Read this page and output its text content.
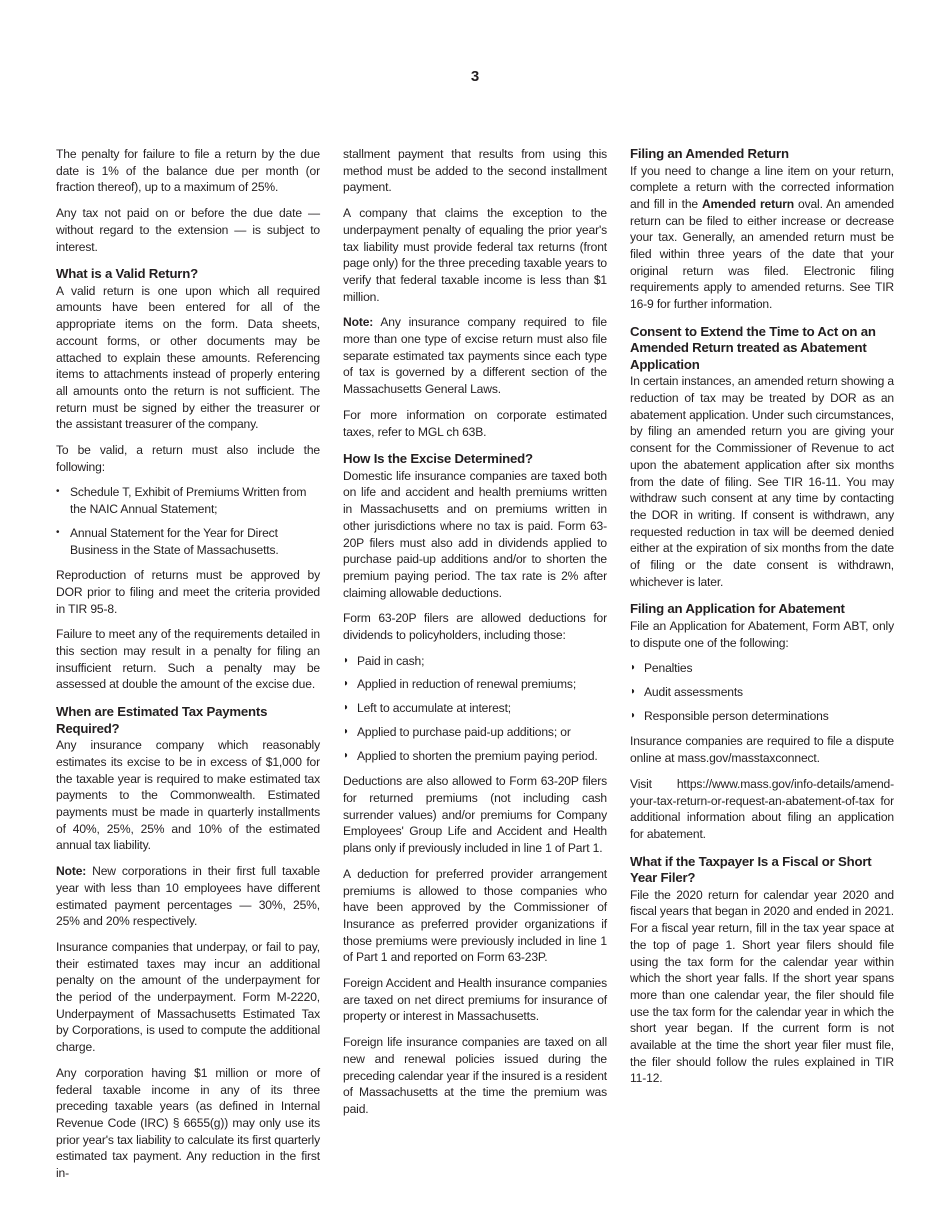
3

The penalty for failure to file a return by the due date is 1% of the balance due per month (or fraction thereof), up to a maximum of 25%.

Any tax not paid on or before the due date — without regard to the extension — is subject to interest.

What is a Valid Return?

A valid return is one upon which all required amounts have been entered for all of the appropriate items on the form. Data sheets, account forms, or other documents may be attached to explain these amounts. Referencing items to attachments instead of properly entering all amounts onto the return is not sufficient. The return must be signed by either the treasurer or the assistant treasurer of the company.

To be valid, a return must also include the following:

• Schedule T, Exhibit of Premiums Written from the NAIC Annual Statement;
• Annual Statement for the Year for Direct Business in the State of Massachusetts.

Reproduction of returns must be approved by DOR prior to filing and meet the criteria provided in TIR 95-8.

Failure to meet any of the requirements detailed in this section may result in a penalty for filing an insufficient return. Such a penalty may be assessed at double the amount of the excise due.

When are Estimated Tax Payments Required?

Any insurance company which reasonably estimates its excise to be in excess of $1,000 for the taxable year is required to make estimated tax payments to the Commonwealth. Estimated payments must be made in quarterly installments of 40%, 25%, 25% and 10% of the estimated annual tax liability.

Note: New corporations in their first full taxable year with less than 10 employees have different estimated payment percentages — 30%, 25%, 25% and 20% respectively.

Insurance companies that underpay, or fail to pay, their estimated taxes may incur an additional penalty on the amount of the underpayment for the period of the underpayment. Form M-2220, Underpayment of Massachusetts Estimated Tax by Corporations, is used to compute the additional charge.

Any corporation having $1 million or more of federal taxable income in any of its three preceding taxable years (as defined in Internal Revenue Code (IRC) § 6655(g)) may only use its prior year's tax liability to calculate its first quarterly estimated tax payment. Any reduction in the first in-

stallment payment that results from using this method must be added to the second installment payment.

A company that claims the exception to the underpayment penalty of equaling the prior year's tax liability must provide federal tax returns (front page only) for the three preceding taxable years to verify that federal taxable income is less than $1 million.

Note: Any insurance company required to file more than one type of excise return must also file separate estimated tax payments since each type of tax is governed by a different section of the Massachusetts General Laws.

For more information on corporate estimated taxes, refer to MGL ch 63B.

How Is the Excise Determined?

Domestic life insurance companies are taxed both on life and accident and health premiums written in Massachusetts and on premiums written in other jurisdictions where no tax is paid. Form 63-20P filers must also add in dividends applied to purchase paid-up additions and/or to shorten the premium paying period. The tax rate is 2% after claiming allowable deductions.

Form 63-20P filers are allowed deductions for dividends to policyholders, including those:

◗ Paid in cash;
◗ Applied in reduction of renewal premiums;
◗ Left to accumulate at interest;
◗ Applied to purchase paid-up additions; or
◗ Applied to shorten the premium paying period.

Deductions are also allowed to Form 63-20P filers for returned premiums (not including cash surrender values) and/or premiums for Company Employees' Group Life and Accident and Health plans only if previously included in line 1 of Part 1.

A deduction for preferred provider arrangement premiums is allowed to those companies who have been approved by the Commissioner of Insurance as preferred provider organizations if those premiums were previously included in line 1 of Part 1 and reported on Form 63-23P.

Foreign Accident and Health insurance companies are taxed on net direct premiums for insurance of property or interest in Massachusetts.

Foreign life insurance companies are taxed on all new and renewal policies issued during the preceding calendar year if the insured is a resident of Massachusetts at the time the premium was paid.

Filing an Amended Return

If you need to change a line item on your return, complete a return with the corrected information and fill in the Amended return oval. An amended return can be filed to either increase or decrease your tax. Generally, an amended return must be filed within three years of the date that your original return was filed. Electronic filing requirements apply to amended returns. See TIR 16-9 for further information.

Consent to Extend the Time to Act on an Amended Return treated as Abatement Application

In certain instances, an amended return showing a reduction of tax may be treated by DOR as an abatement application. Under such circumstances, by filing an amended return you are giving your consent for the Commissioner of Revenue to act upon the abatement application after six months from the date of filing. See TIR 16-11. You may withdraw such consent at any time by contacting the DOR in writing. If consent is withdrawn, any requested reduction in tax will be deemed denied either at the expiration of six months from the date of filing or the date consent is withdrawn, whichever is later.

Filing an Application for Abatement

File an Application for Abatement, Form ABT, only to dispute one of the following:

◗ Penalties
◗ Audit assessments
◗ Responsible person determinations

Insurance companies are required to file a dispute online at mass.gov/masstaxconnect.

Visit https://www.mass.gov/info-details/amend-your-tax-return-or-request-an-abatement-of-tax for additional information about filing an application for abatement.

What if the Taxpayer Is a Fiscal or Short Year Filer?

File the 2020 return for calendar year 2020 and fiscal years that began in 2020 and ended in 2021. For a fiscal year return, fill in the tax year space at the top of page 1. Short year filers should file using the tax form for the calendar year within which the short year falls. If the short year spans more than one calendar year, the filer should file use the tax form for the calendar year in which the short year began. If the current form is not available at the time the short year filer must file, the filer should follow the rules explained in TIR 11-12.
